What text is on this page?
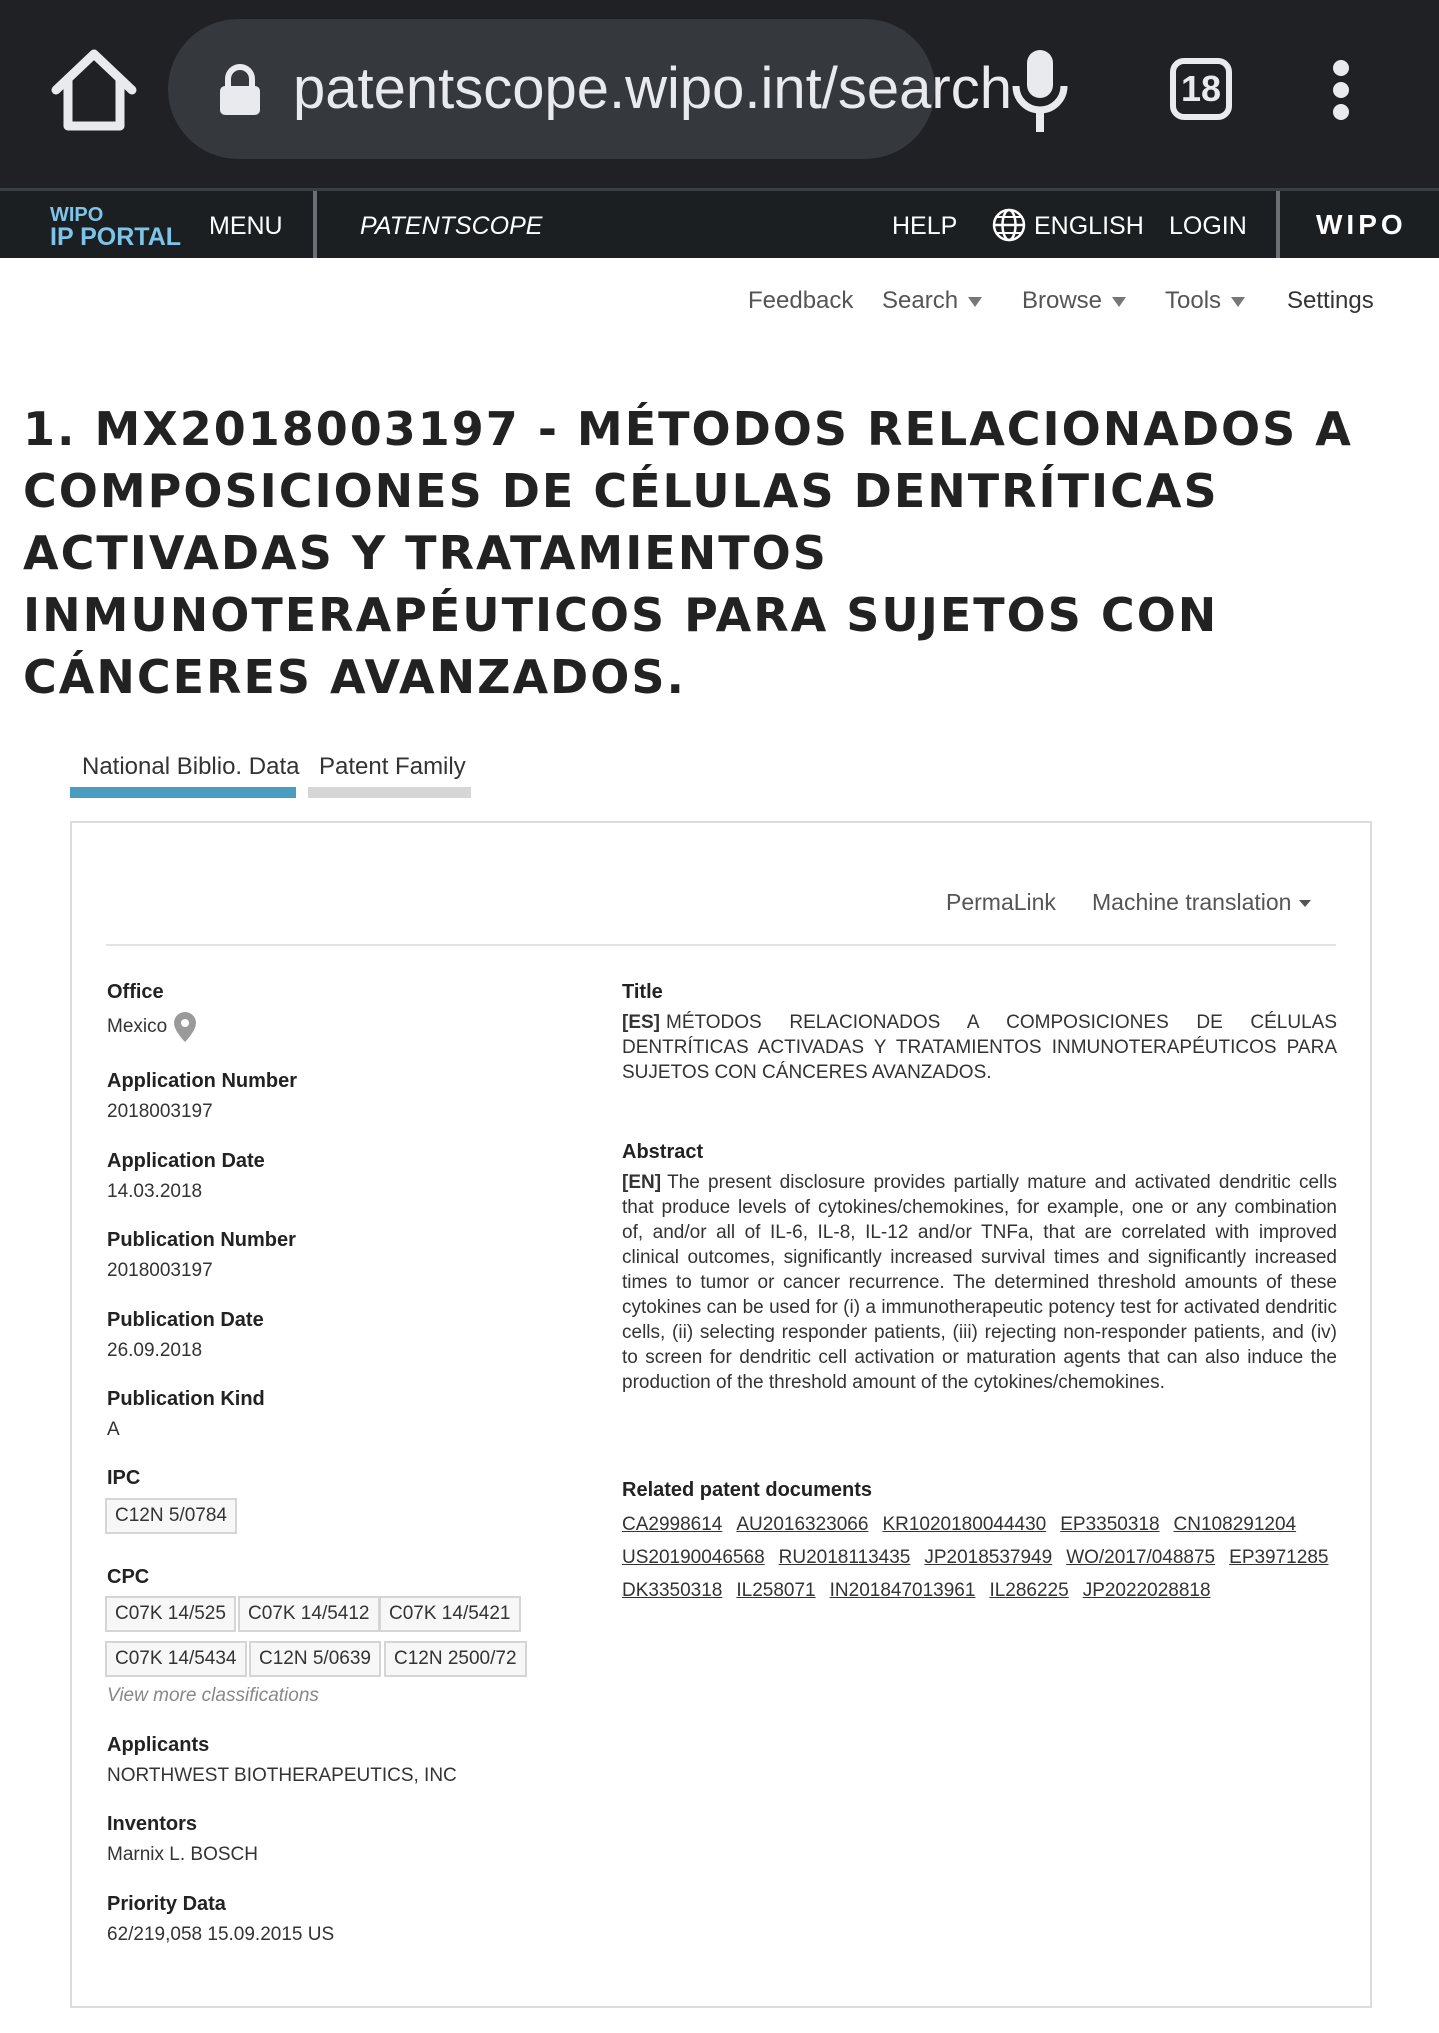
patentscope.wipo.int/search	18
WIPO
IP PORTAL MENU	PATENTSCOPE	HELP	ENGLISH LOGIN WIPO
Feedback Search	Browse	Tools	Settings
1. MX2018003197 - MÉTODOS RELACIONADOS A COMPOSICIONES DE CÉLULAS DENTRÍTICAS ACTIVADAS Y TRATAMIENTOS INMUNOTERAPÉUTICOS PARA SUJETOS CON CÁNCERES AVANZADOS.
National Biblio. Data Patent Family
PermaLink Machine translation
Office
Mexico
Application Number
2018003197
Application Date
14.03.2018
Publication Number
2018003197
Publication Date
26.09.2018
Publication Kind
A
IPC
C12N 5/0784
CPC
C07K 14/525	C07K 14/5412	C07K 14/5421
C07K 14/5434	C12N 5/0639	C12N 2500/72
View more classifications
Applicants
NORTHWEST BIOTHERAPEUTICS, INC
Inventors
Marnix L. BOSCH
Priority Data
62/219,058 15.09.2015 US
Title
[ES] MÉTODOS RELACIONADOS A COMPOSICIONES DE CÉLULAS DENTRÍTICAS ACTIVADAS Y TRATAMIENTOS INMUNOTERAPÉUTICOS PARA SUJETOS CON CÁNCERES AVANZADOS.
Abstract
[EN] The present disclosure provides partially mature and activated dendritic cells that produce levels of cytokines/chemokines, for example, one or any combination of, and/or all of IL-6, IL-8, IL-12 and/or TNFa, that are correlated with improved clinical outcomes, significantly increased survival times and significantly increased times to tumor or cancer recurrence. The determined threshold amounts of these cytokines can be used for (i) a immunotherapeutic potency test for activated dendritic cells, (ii) selecting responder patients, (iii) rejecting non-responder patients, and (iv) to screen for dendritic cell activation or maturation agents that can also induce the production of the threshold amount of the cytokines/chemokines.
Related patent documents
CA2998614 AU2016323066 KR1020180044430 EP3350318 CN108291204
US20190046568 RU2018113435 JP2018537949 WO/2017/048875 EP3971285
DK3350318 IL258071 IN201847013961 IL286225 JP2022028818
